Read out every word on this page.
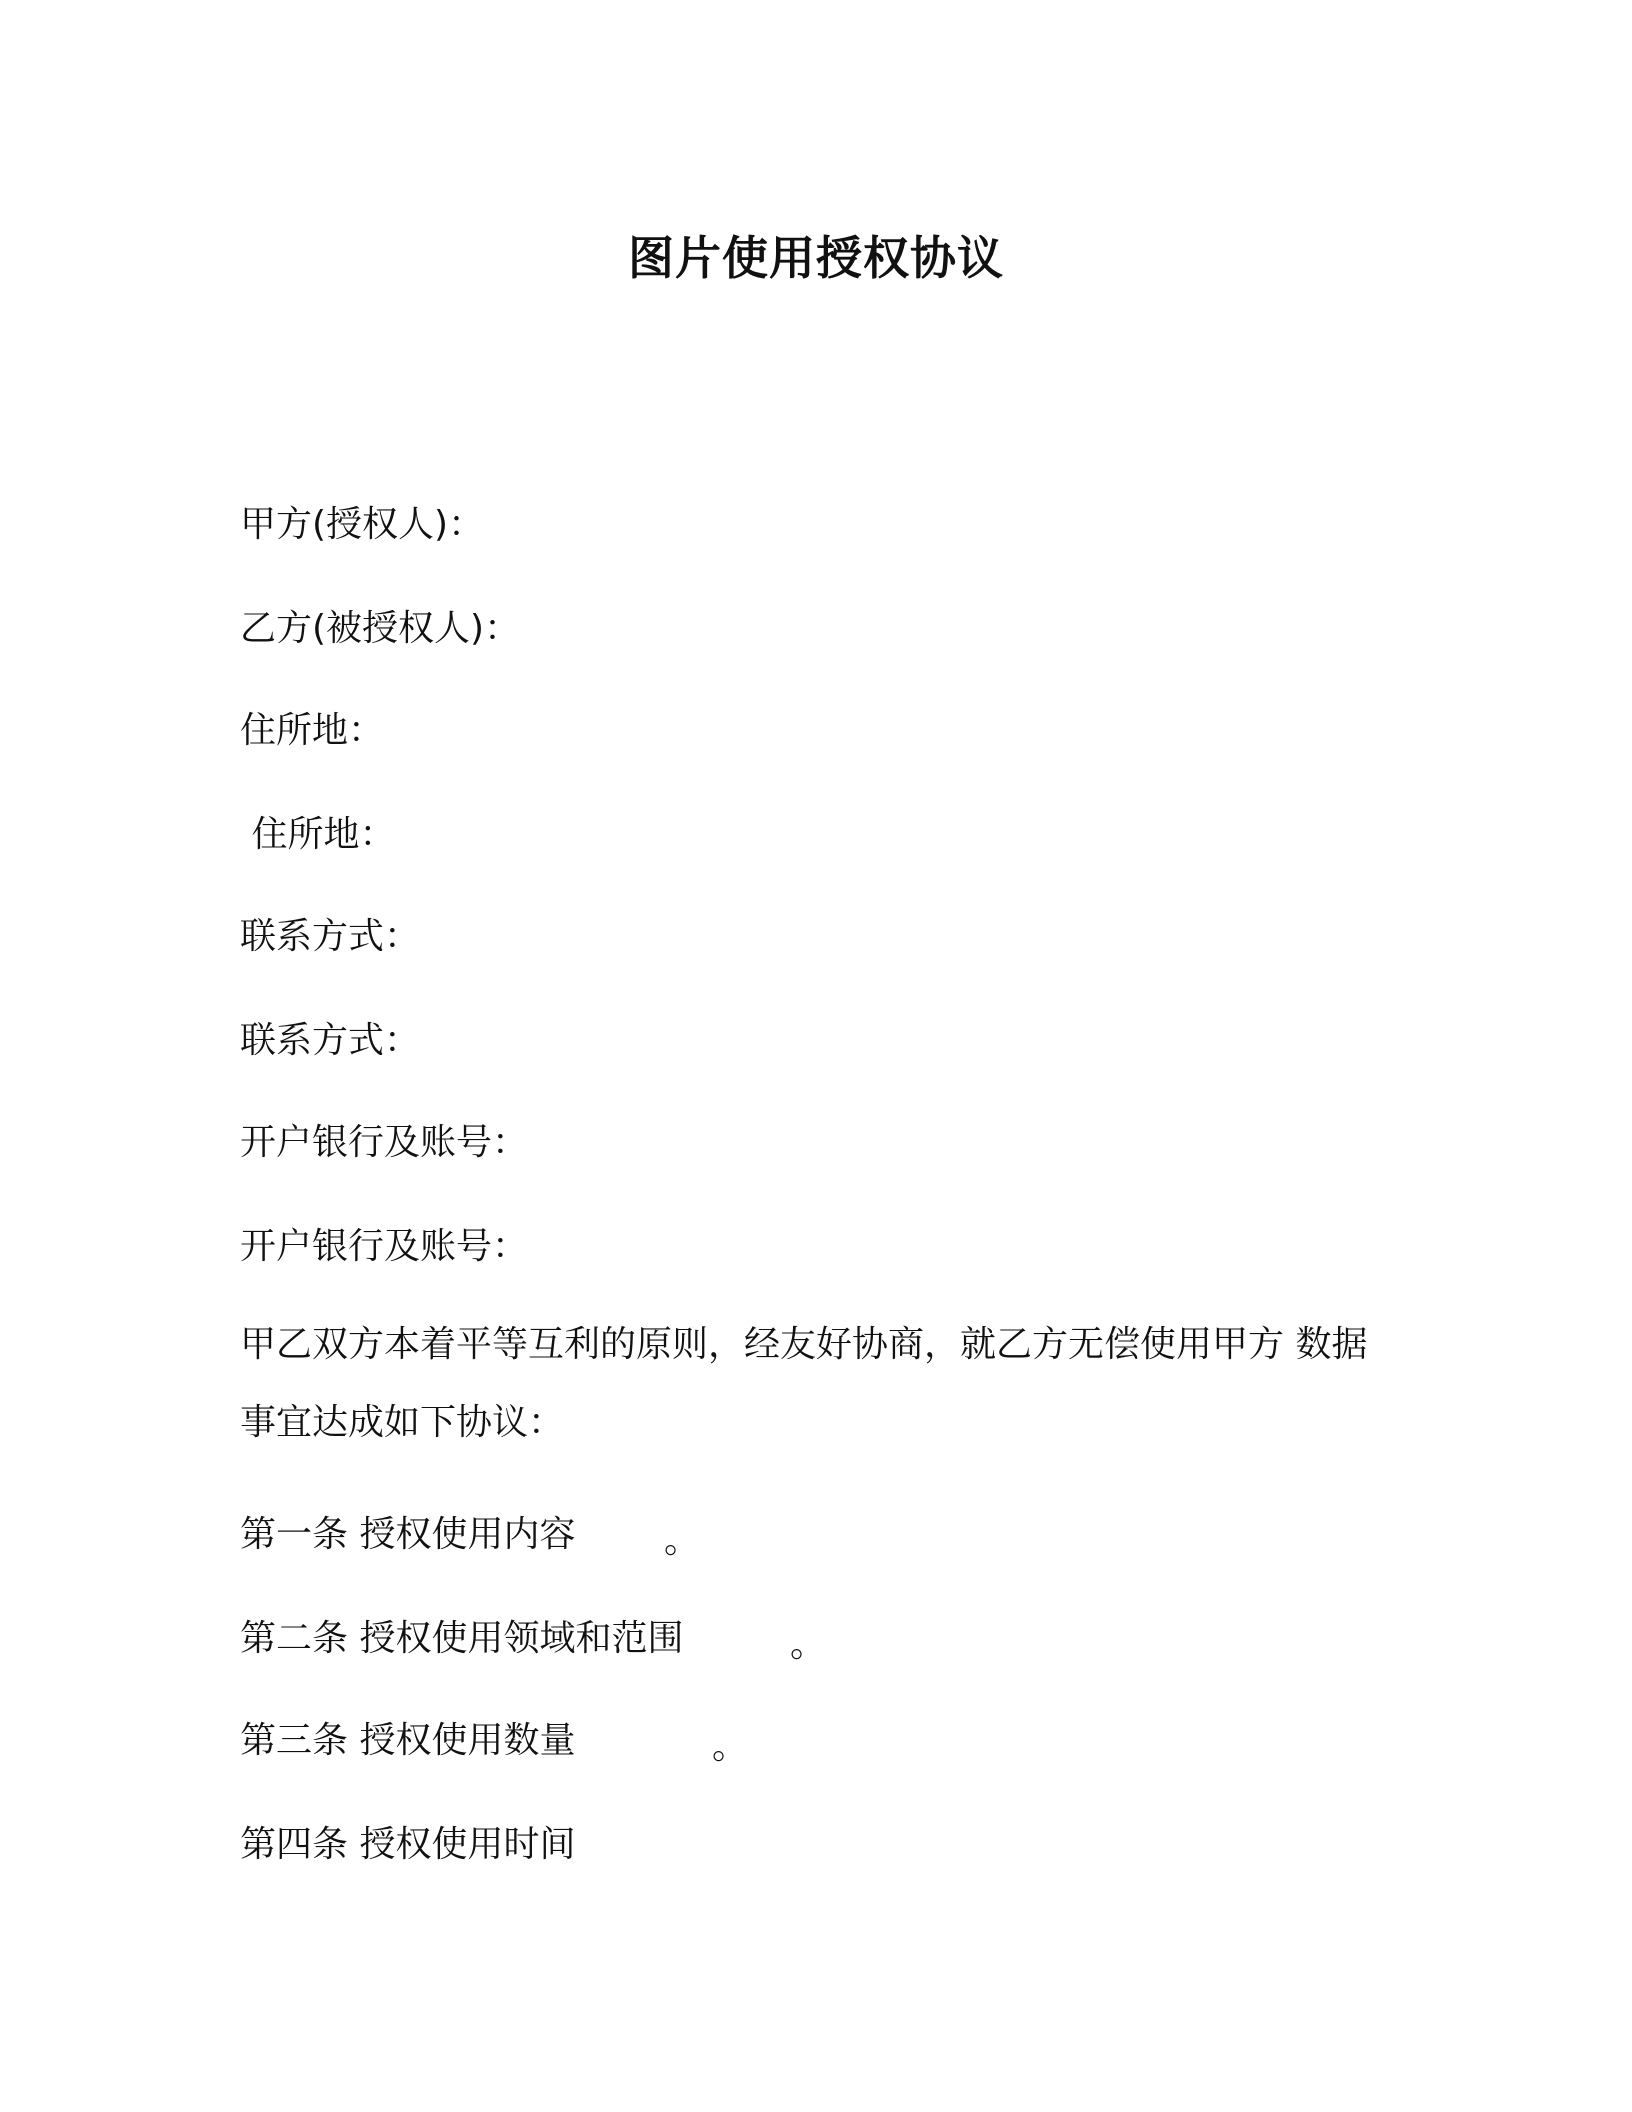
图片使用授权协议
甲方(授权人)：
乙方(被授权人)：
住所地：
住所地：
联系方式：
联系方式：
开户银行及账号：
开户银行及账号：
甲乙双方本着平等互利的原则，经友好协商，就乙方无偿使用甲方 数据事宜达成如下协议：
第一条 授权使用内容 。
第二条 授权使用领域和范围	。
第三条 授权使用数量	。
第四条 授权使用时间
